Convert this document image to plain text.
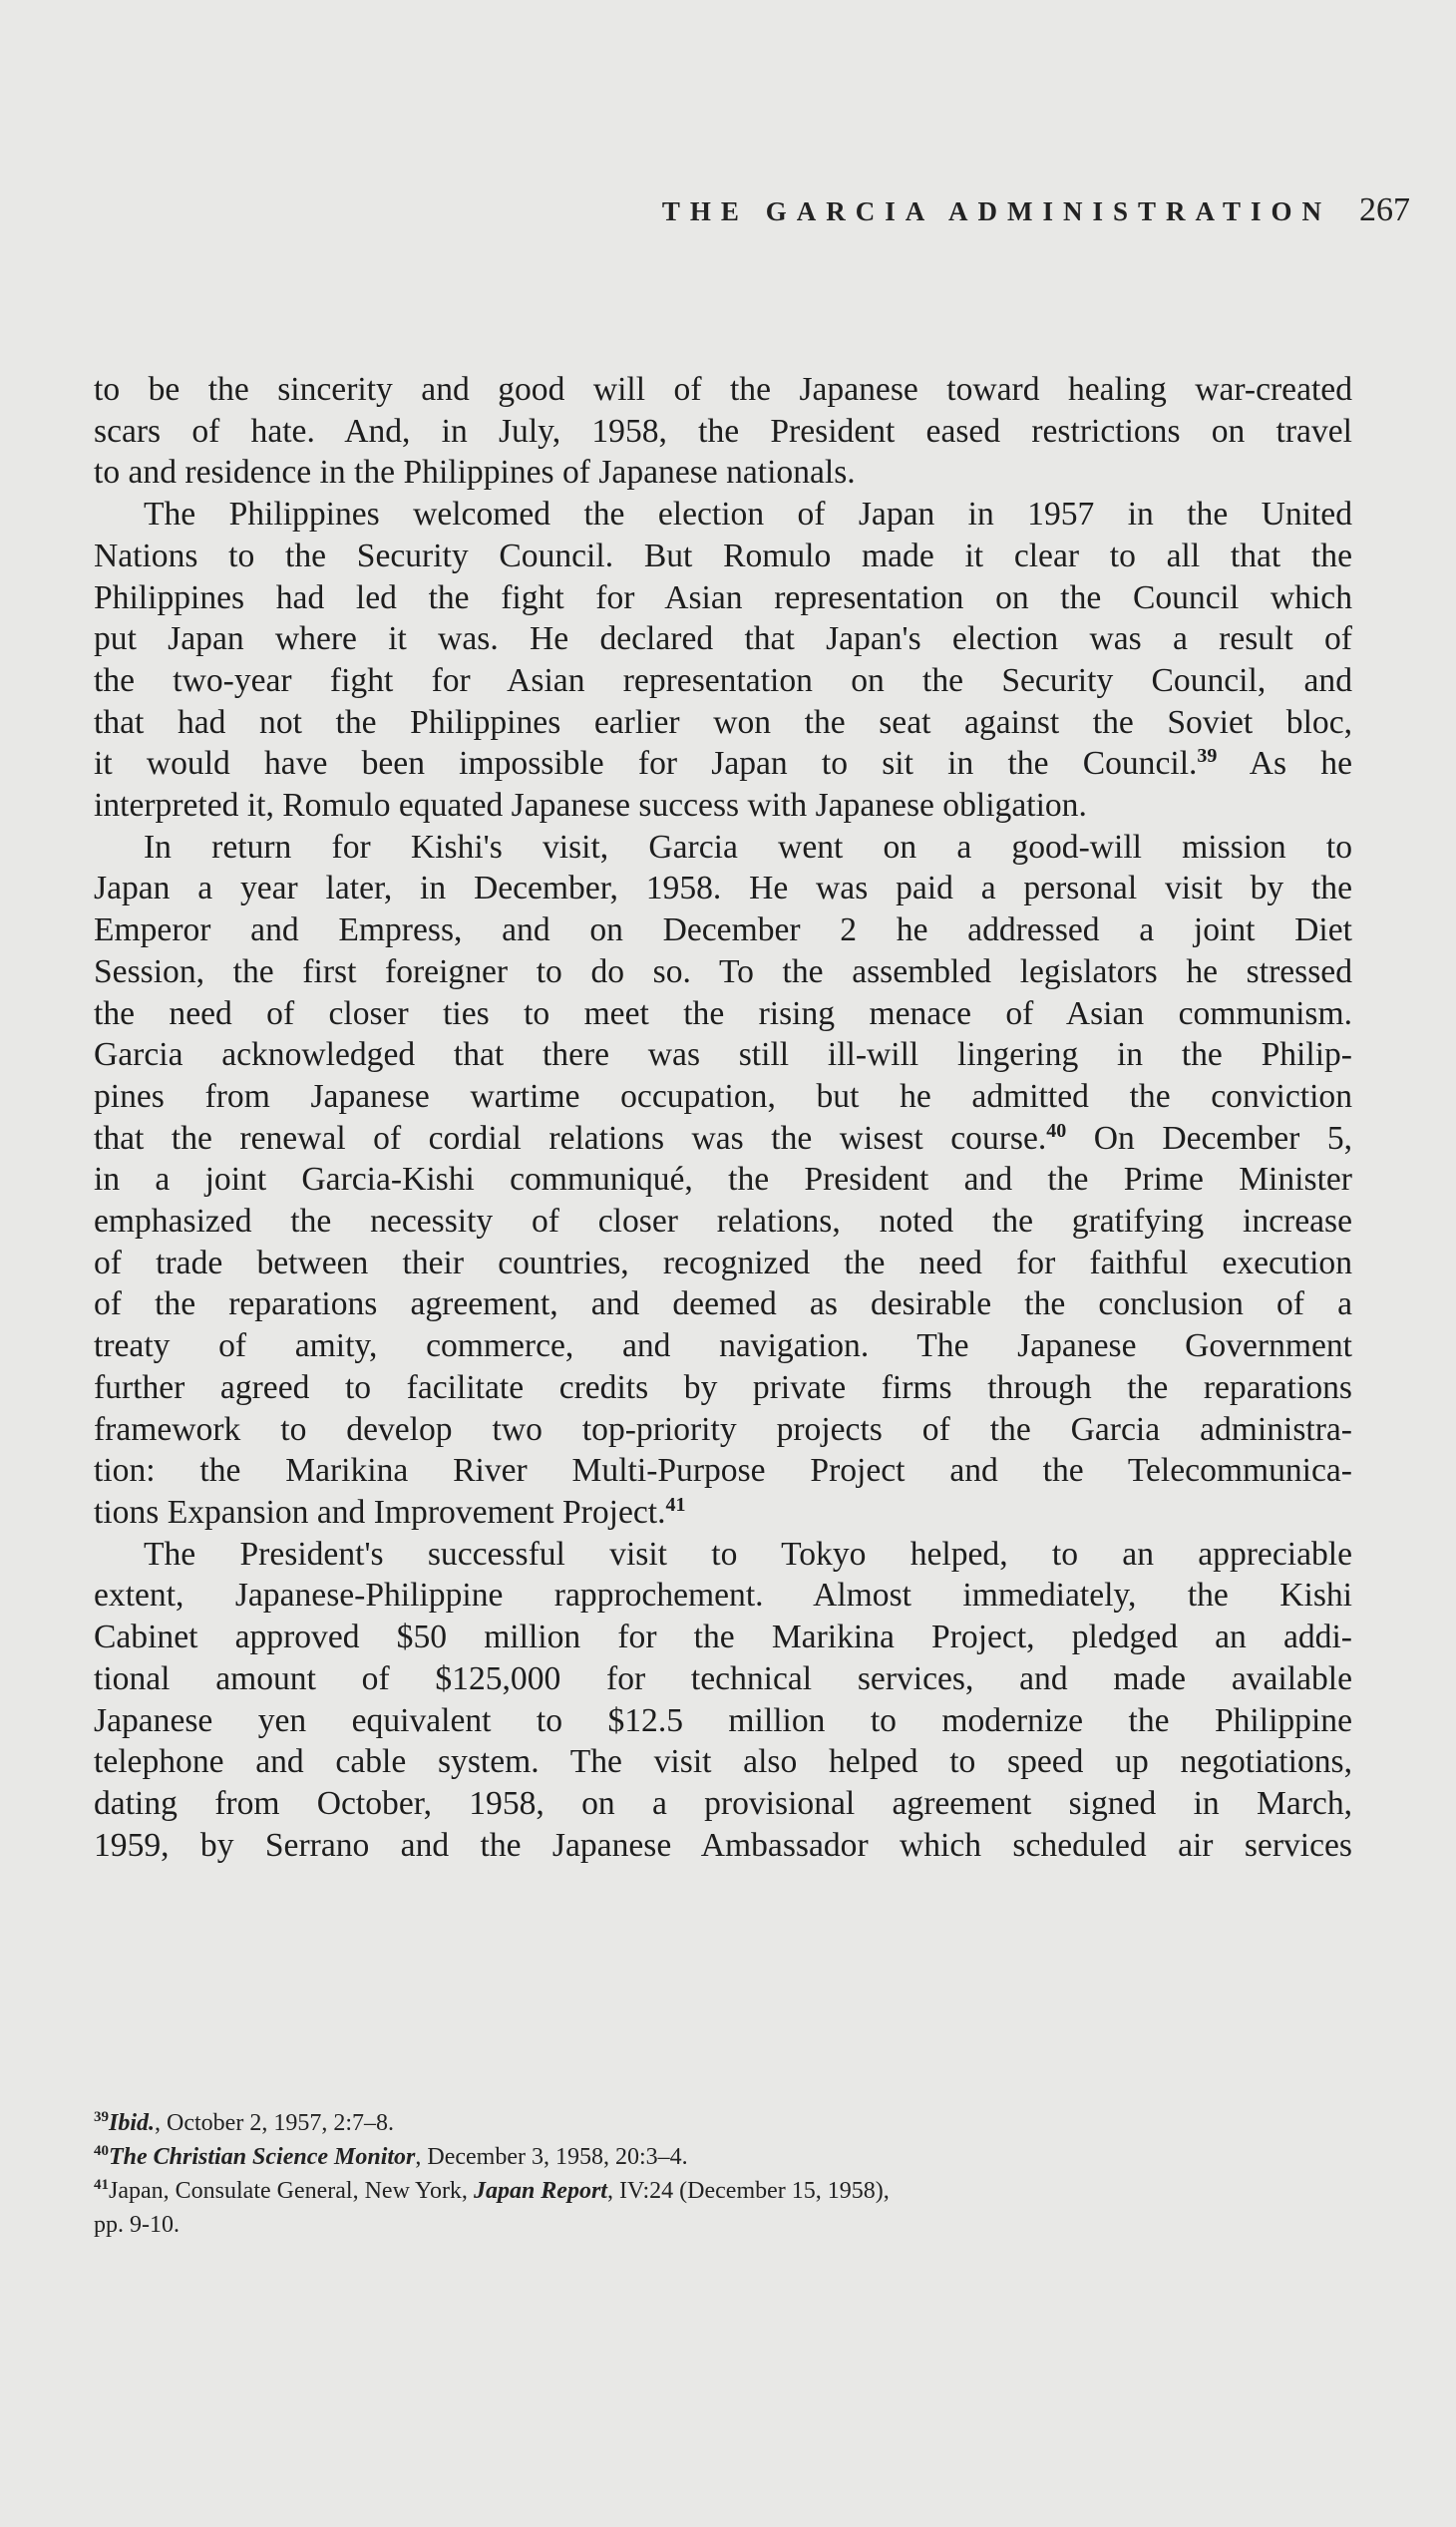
THE GARCIA ADMINISTRATION 267
to be the sincerity and good will of the Japanese toward healing war-created
scars of hate. And, in July, 1958, the President eased restrictions on travel
to and residence in the Philippines of Japanese nationals.
The Philippines welcomed the election of Japan in 1957 in the United
Nations to the Security Council. But Romulo made it clear to all that the
Philippines had led the fight for Asian representation on the Council which
put Japan where it was. He declared that Japan's election was a result of
the two-year fight for Asian representation on the Security Council, and
that had not the Philippines earlier won the seat against the Soviet bloc,
it would have been impossible for Japan to sit in the Council.$^{39}$ As he
interpreted it, Romulo equated Japanese success with Japanese obligation.
In return for Kishi's visit, Garcia went on a good-will mission to
Japan a year later, in December, 1958. He was paid a personal visit by the
Emperor and Empress, and on December 2 he addressed a joint Diet
Session, the first foreigner to do so. To the assembled legislators he stressed
the need of closer ties to meet the rising menace of Asian communism.
Garcia acknowledged that there was still ill-will lingering in the Philip-
pines from Japanese wartime occupation, but he admitted the conviction
that the renewal of cordial relations was the wisest course.$^{40}$ On December 5,
in a joint Garcia-Kishi communiqué, the President and the Prime Minister
emphasized the necessity of closer relations, noted the gratifying increase
of trade between their countries, recognized the need for faithful execution
of the reparations agreement, and deemed as desirable the conclusion of a
treaty of amity, commerce, and navigation. The Japanese Government
further agreed to facilitate credits by private firms through the reparations
framework to develop two top-priority projects of the Garcia administra-
tion: the Marikina River Multi-Purpose Project and the Telecommunica-
tions Expansion and Improvement Project.$^{41}$
The President's successful visit to Tokyo helped, to an appreciable
extent, Japanese-Philippine rapprochement. Almost immediately, the Kishi
Cabinet approved $50 million for the Marikina Project, pledged an addi-
tional amount of $125,000 for technical services, and made available
Japanese yen equivalent to $12.5 million to modernize the Philippine
telephone and cable system. The visit also helped to speed up negotiations,
dating from October, 1958, on a provisional agreement signed in March,
1959, by Serrano and the Japanese Ambassador which scheduled air services
$^{39}$Ibid., October 2, 1957, 2:7–8.
$^{40}$The Christian Science Monitor, December 3, 1958, 20:3–4.
$^{41}$Japan, Consulate General, New York, Japan Report, IV:24 (December 15, 1958),
pp. 9-10.
